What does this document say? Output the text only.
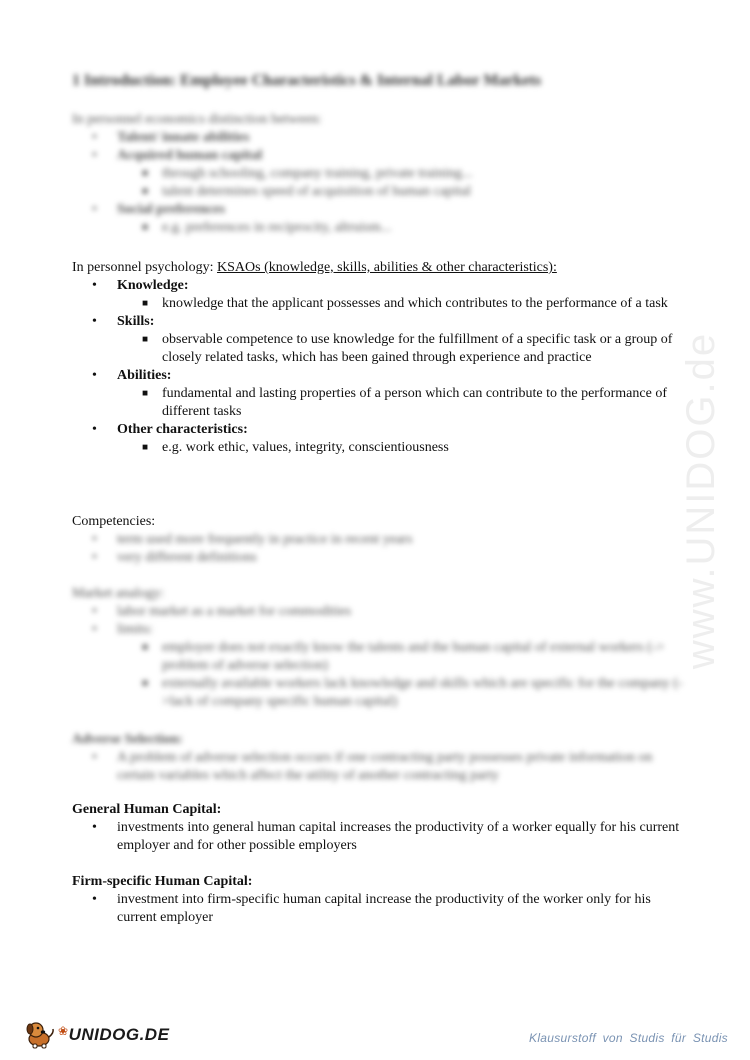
1 Introduction: Employee Characteristics & Internal Labor Markets
In personnel economics distinction between:
• Talent/ innate abilities
• Acquired human capital
■ through schooling, company training, private training...
■ talent determines speed of acquisition of human capital
• Social preferences
■ e.g. preferences in reciprocity, altruism...
In personnel psychology: KSAOs (knowledge, skills, abilities & other characteristics):
• Knowledge:
■ knowledge that the applicant possesses and which contributes to the performance of a task
• Skills:
■ observable competence to use knowledge for the fulfillment of a specific task or a group of closely related tasks, which has been gained through experience and practice
• Abilities:
■ fundamental and lasting properties of a person which can contribute to the performance of different tasks
• Other characteristics:
■ e.g. work ethic, values, integrity, conscientiousness
Competencies:
• term used more frequently in practice in recent years
• very different definitions
Market analogy:
• labor market as a market for commodities
• limits:
■ employer does not exactly know the talents and the human capital of external workers (-> problem of adverse selection)
■ externally available workers lack knowledge and skills which are specific for the company (->lack of company specific human capital)
Adverse Selection:
• A problem of adverse selection occurs if one contracting party possesses private information on certain variables which affect the utility of another contracting party
General Human Capital:
• investments into general human capital increases the productivity of a worker equally for his current employer and for other possible employers
Firm-specific Human Capital:
• investment into firm-specific human capital increase the productivity of the worker only for his current employer
www.UNIDOG.de
❀UNIDOG.DE	Klausurstoff von Studis für Studis
